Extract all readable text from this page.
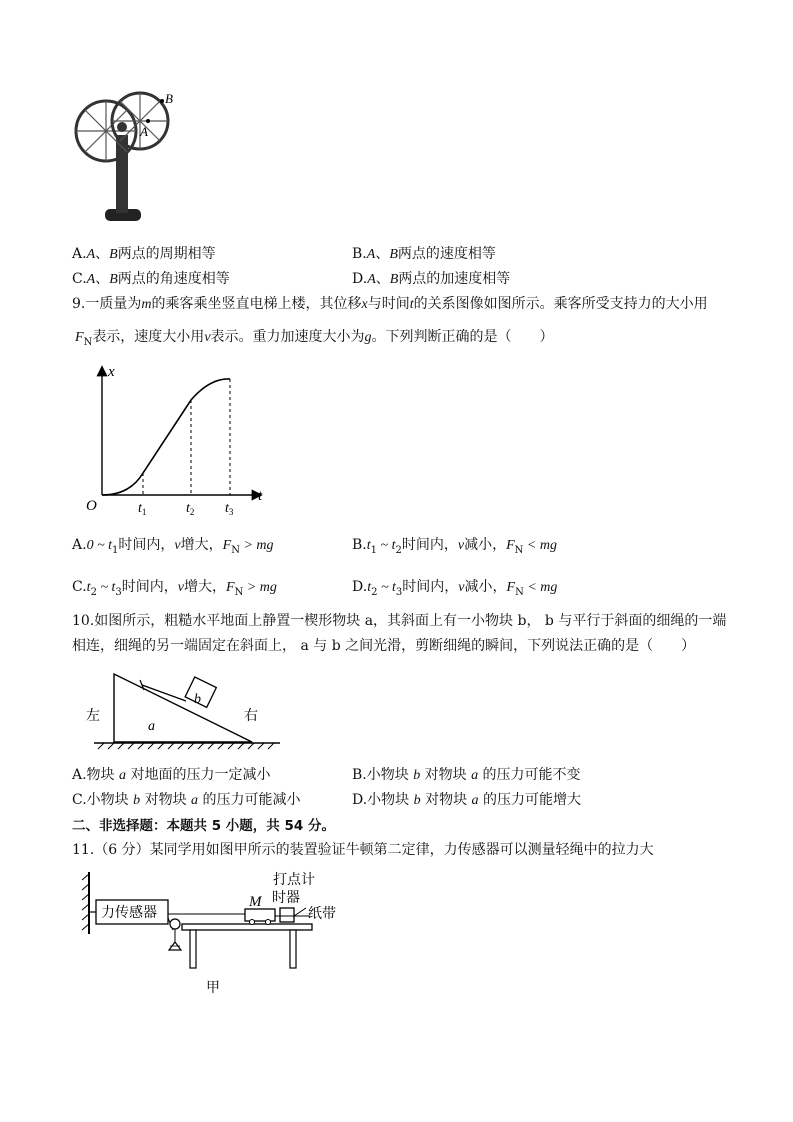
A
B
A.A、B两点的周期相等	B.A、B两点的速度相等
C.A、B两点的角速度相等	D.A、B两点的加速度相等
9.一质量为m的乘客乘坐竖直电梯上楼，其位移x与时间t的关系图像如图所示。乘客所受支持力的大小用
$F_N$表示，速度大小用v表示。重力加速度大小为g。下列判断正确的是（　　）
x
t
O	$t_1$	$t_2$ $t_3$
A.0 ~ $t_1$时间内，v增大，$F_N$ > mg	$B.t_1$ ~ $t_2$时间内，v减小，$F_N$ < mg
$C.t_2$ ~ $t_3$时间内，v增大，$F_N$ > mg	$D.t_2$ ~ $t_3$时间内，v减小，$F_N$ < mg
10.如图所示，粗糙水平地面上静置一楔形物块 a，其斜面上有一小物块 b， b 与平行于斜面的细绳的一端
相连，细绳的另一端固定在斜面上， a 与 b 之间光滑，剪断细绳的瞬间，下列说法正确的是（　　）
b
a
左	右
A.物块 a 对地面的压力一定减小	B.小物块 b 对物块 a 的压力可能不变
C.小物块 b 对物块 a 的压力可能减小	D.小物块 b 对物块 a 的压力可能增大
二、非选择题：本题共 5 小题，共 54 分。
11.（6 分）某同学用如图甲所示的装置验证牛顿第二定律，力传感器可以测量轻绳中的拉力大
力传感器
M
打点计
时器
纸带
甲
